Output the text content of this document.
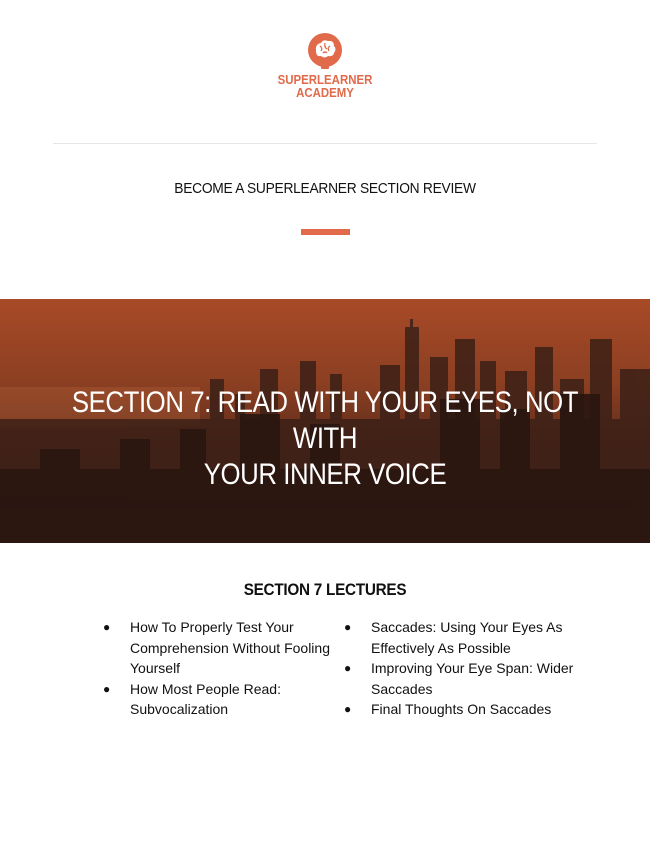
SUPERLEARNER
ACADEMY
BECOME A SUPERLEARNER SECTION REVIEW
SECTION 7: READ WITH YOUR EYES, NOT WITH
YOUR INNER VOICE
SECTION 7 LECTURES
● How To Properly Test Your Comprehension Without Fooling Yourself
● How Most People Read: Subvocalization
● Saccades: Using Your Eyes As Effectively As Possible
● Improving Your Eye Span: Wider Saccades
● Final Thoughts On Saccades
